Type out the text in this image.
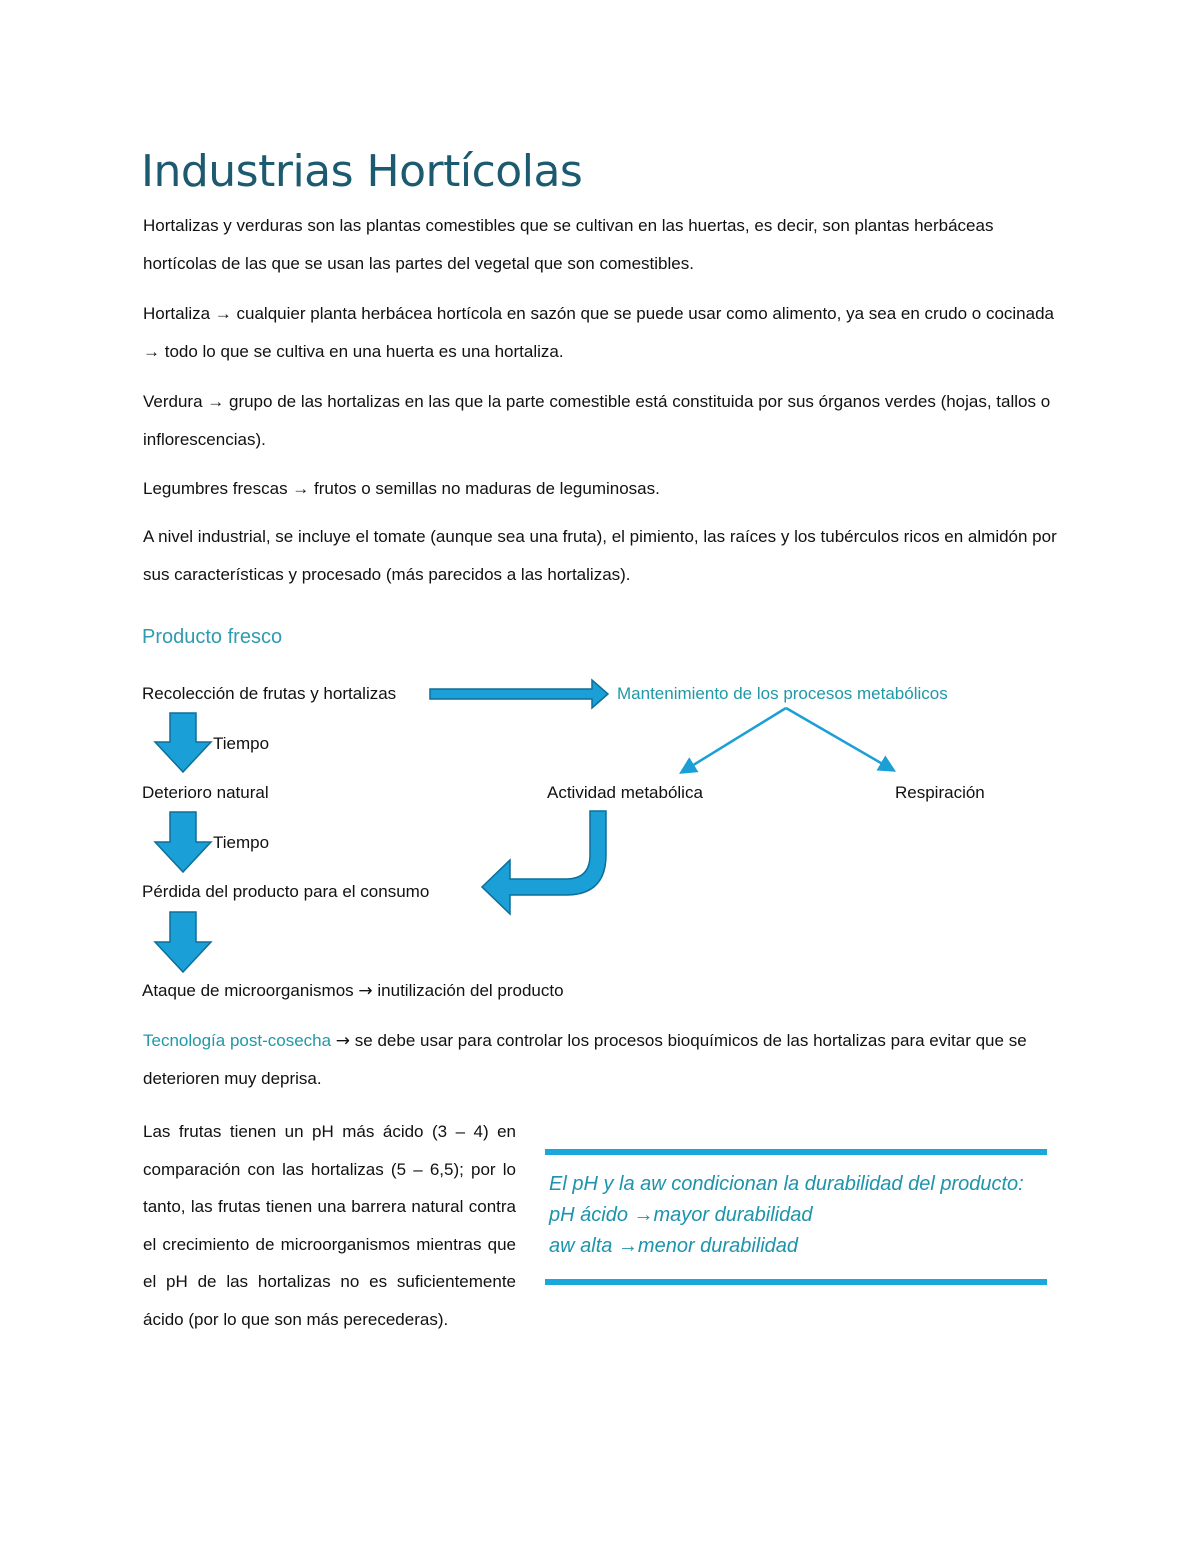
Industrias Hortícolas

Hortalizas y verduras son las plantas comestibles que se cultivan en las huertas, es decir, son plantas herbáceas hortícolas de las que se usan las partes del vegetal que son comestibles.

Hortaliza → cualquier planta herbácea hortícola en sazón que se puede usar como alimento, ya sea en crudo o cocinada → todo lo que se cultiva en una huerta es una hortaliza.

Verdura → grupo de las hortalizas en las que la parte comestible está constituida por sus órganos verdes (hojas, tallos o inflorescencias).

Legumbres frescas → frutos o semillas no maduras de leguminosas.

A nivel industrial, se incluye el tomate (aunque sea una fruta), el pimiento, las raíces y los tubérculos ricos en almidón por sus características y procesado (más parecidos a las hortalizas).

Producto fresco
Recolección de frutas y hortalizas	Mantenimiento de los procesos metabólicos
Tiempo
Deterioro natural	Actividad metabólica	Respiración
Tiempo
Pérdida del producto para el consumo
Ataque de microorganismos → inutilización del producto

Tecnología post-cosecha → se debe usar para controlar los procesos bioquímicos de las hortalizas para evitar que se deterioren muy deprisa.

Las frutas tienen un pH más ácido (3 – 4) en comparación con las hortalizas (5 – 6,5); por lo tanto, las frutas tienen una barrera natural contra el crecimiento de microorganismos mientras que el pH de las hortalizas no es suficientemente ácido (por lo que son más perecederas).

El pH y la aw condicionan la durabilidad del producto:
pH ácido →mayor durabilidad
aw alta →menor durabilidad
